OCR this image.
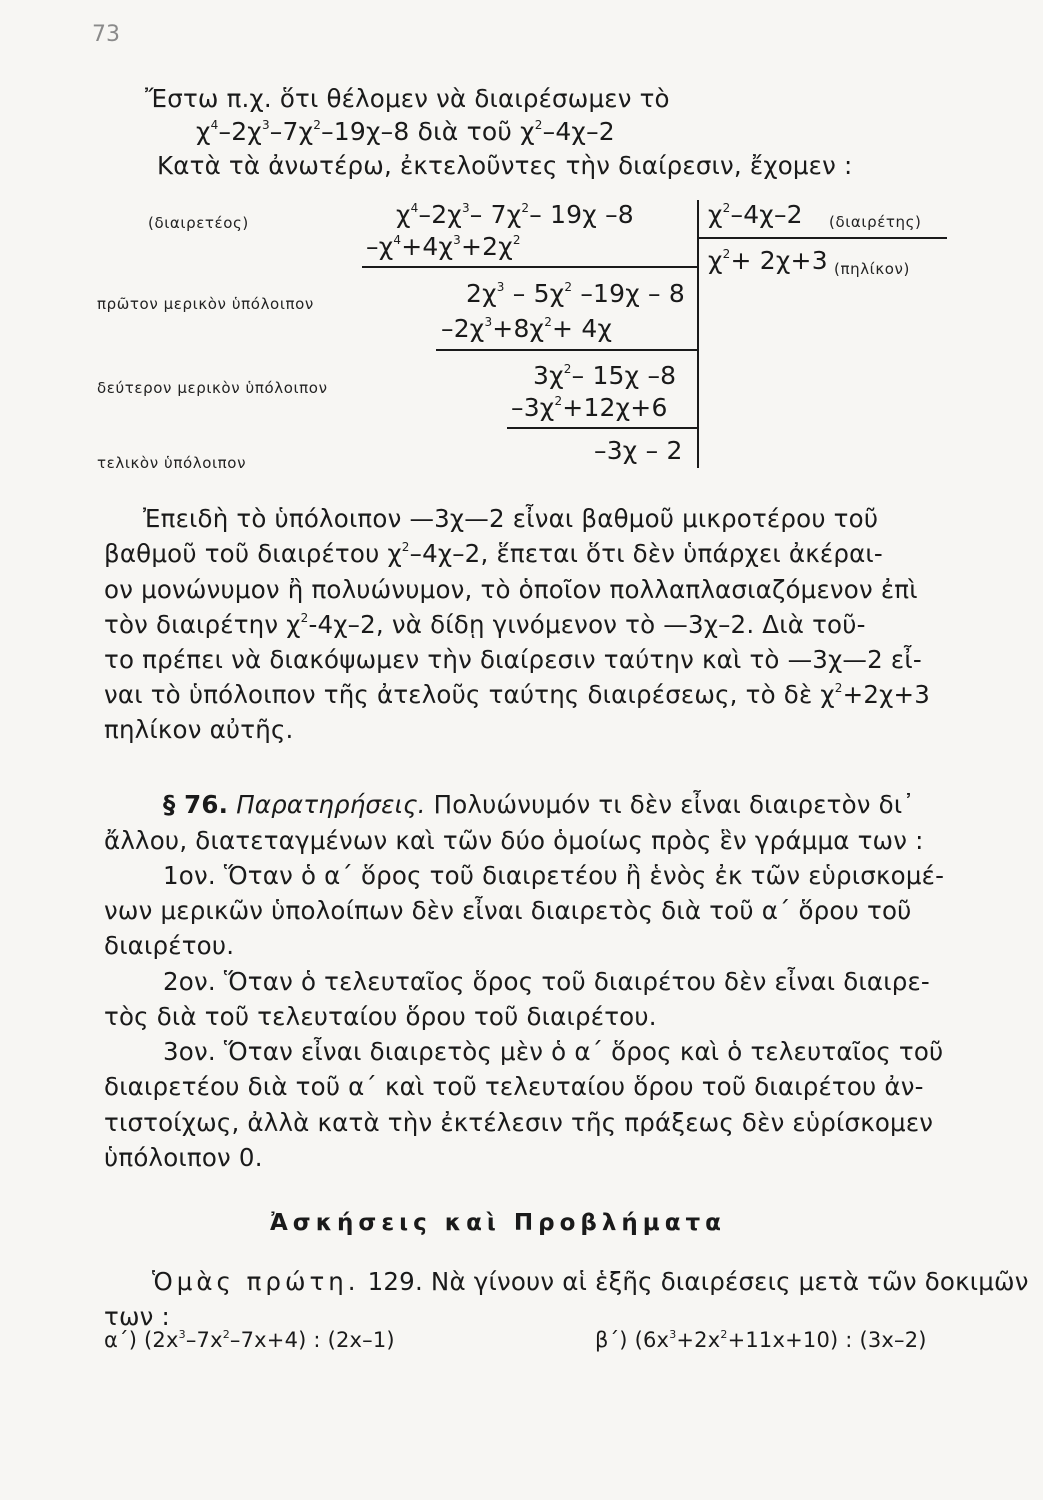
73
Ἔστω π.χ. ὅτι θέλομεν νὰ διαιρέσωμεν τὸ
$\chi^4-2\chi^3-7\chi^2-19\chi-8$ διὰ τοῦ $\chi^2-4\chi-2$
Κατὰ τὰ ἀνωτέρω, ἐκτελοῦντες τὴν διαίρεσιν, ἔχομεν :
(διαιρετέος)	$\chi^4-2\chi^3-$ $7\chi^2-$ 19χ –8	$\chi^2-4\chi-2$ (διαιρέτης)
$-\chi^4+4\chi^3+2\chi^2$
$\chi^2+ 2\chi+3$ (πηλίκον)
πρῶτον μερικὸν ὑπόλοιπον	$2\chi^3 - 5\chi^2$ –19χ – 8
$-2\chi^3+8\chi^2+ 4\chi$
δεύτερον μερικὸν ὑπόλοιπον	$3\chi^2-$ 15χ –8
$-3\chi^2+12\chi+6$
τελικὸν ὑπόλοιπον	–3χ – 2
Ἐπειδὴ τὸ ὑπόλοιπον —3χ—2 εἶναι βαθμοῦ μικροτέρου τοῦ
βαθμοῦ τοῦ διαιρέτου $\chi^2-4\chi-2$, ἕπεται ὅτι δὲν ὑπάρχει ἀκέραι-
ον μονώνυμον ἢ πολυώνυμον, τὸ ὁποῖον πολλαπλασιαζόμενον ἐπὶ
τὸν διαιρέτην $\chi^2-4\chi-2$, νὰ δίδῃ γινόμενον τὸ —3χ–2. Διὰ τοῦ-
το πρέπει νὰ διακόψωμεν τὴν διαίρεσιν ταύτην καὶ τὸ —3χ—2 εἶ-
ναι τὸ ὑπόλοιπον τῆς ἀτελοῦς ταύτης διαιρέσεως, τὸ δὲ $\chi^2+2\chi+3$
πηλίκον αὐτῆς.
§ 76. Παρατηρήσεις. Πολυώνυμόν τι δὲν εἶναι διαιρετὸν δι᾽
ἄλλου, διατεταγμένων καὶ τῶν δύο ὁμοίως πρὸς ἓν γράμμα των :
1ον. Ὅταν ὁ α΄ ὅρος τοῦ διαιρετέου ἢ ἑνὸς ἐκ τῶν εὑρισκομέ-
νων μερικῶν ὑπολοίπων δὲν εἶναι διαιρετὸς διὰ τοῦ α΄ ὅρου τοῦ
διαιρέτου.
2ον. Ὅταν ὁ τελευταῖος ὅρος τοῦ διαιρέτου δὲν εἶναι διαιρε-
τὸς διὰ τοῦ τελευταίου ὅρου τοῦ διαιρέτου.
3ον. Ὅταν εἶναι διαιρετὸς μὲν ὁ α΄ ὅρος καὶ ὁ τελευταῖος τοῦ
διαιρετέου διὰ τοῦ α΄ καὶ τοῦ τελευταίου ὅρου τοῦ διαιρέτου ἀν-
τιστοίχως, ἀλλὰ κατὰ τὴν ἐκτέλεσιν τῆς πράξεως δὲν εὑρίσκομεν
ὑπόλοιπον 0.
Ἀσκήσεις καὶ Προβλήματα
Ὁμὰς πρώτη. 129. Νὰ γίνουν αἱ ἑξῆς διαιρέσεις μετὰ τῶν δοκιμῶν
των :
α΄) $(2x^3-7x^2-7x+4)$ : (2x–1)	β΄) $(6x^3+2x^2+11x+10)$ : (3x–2)
